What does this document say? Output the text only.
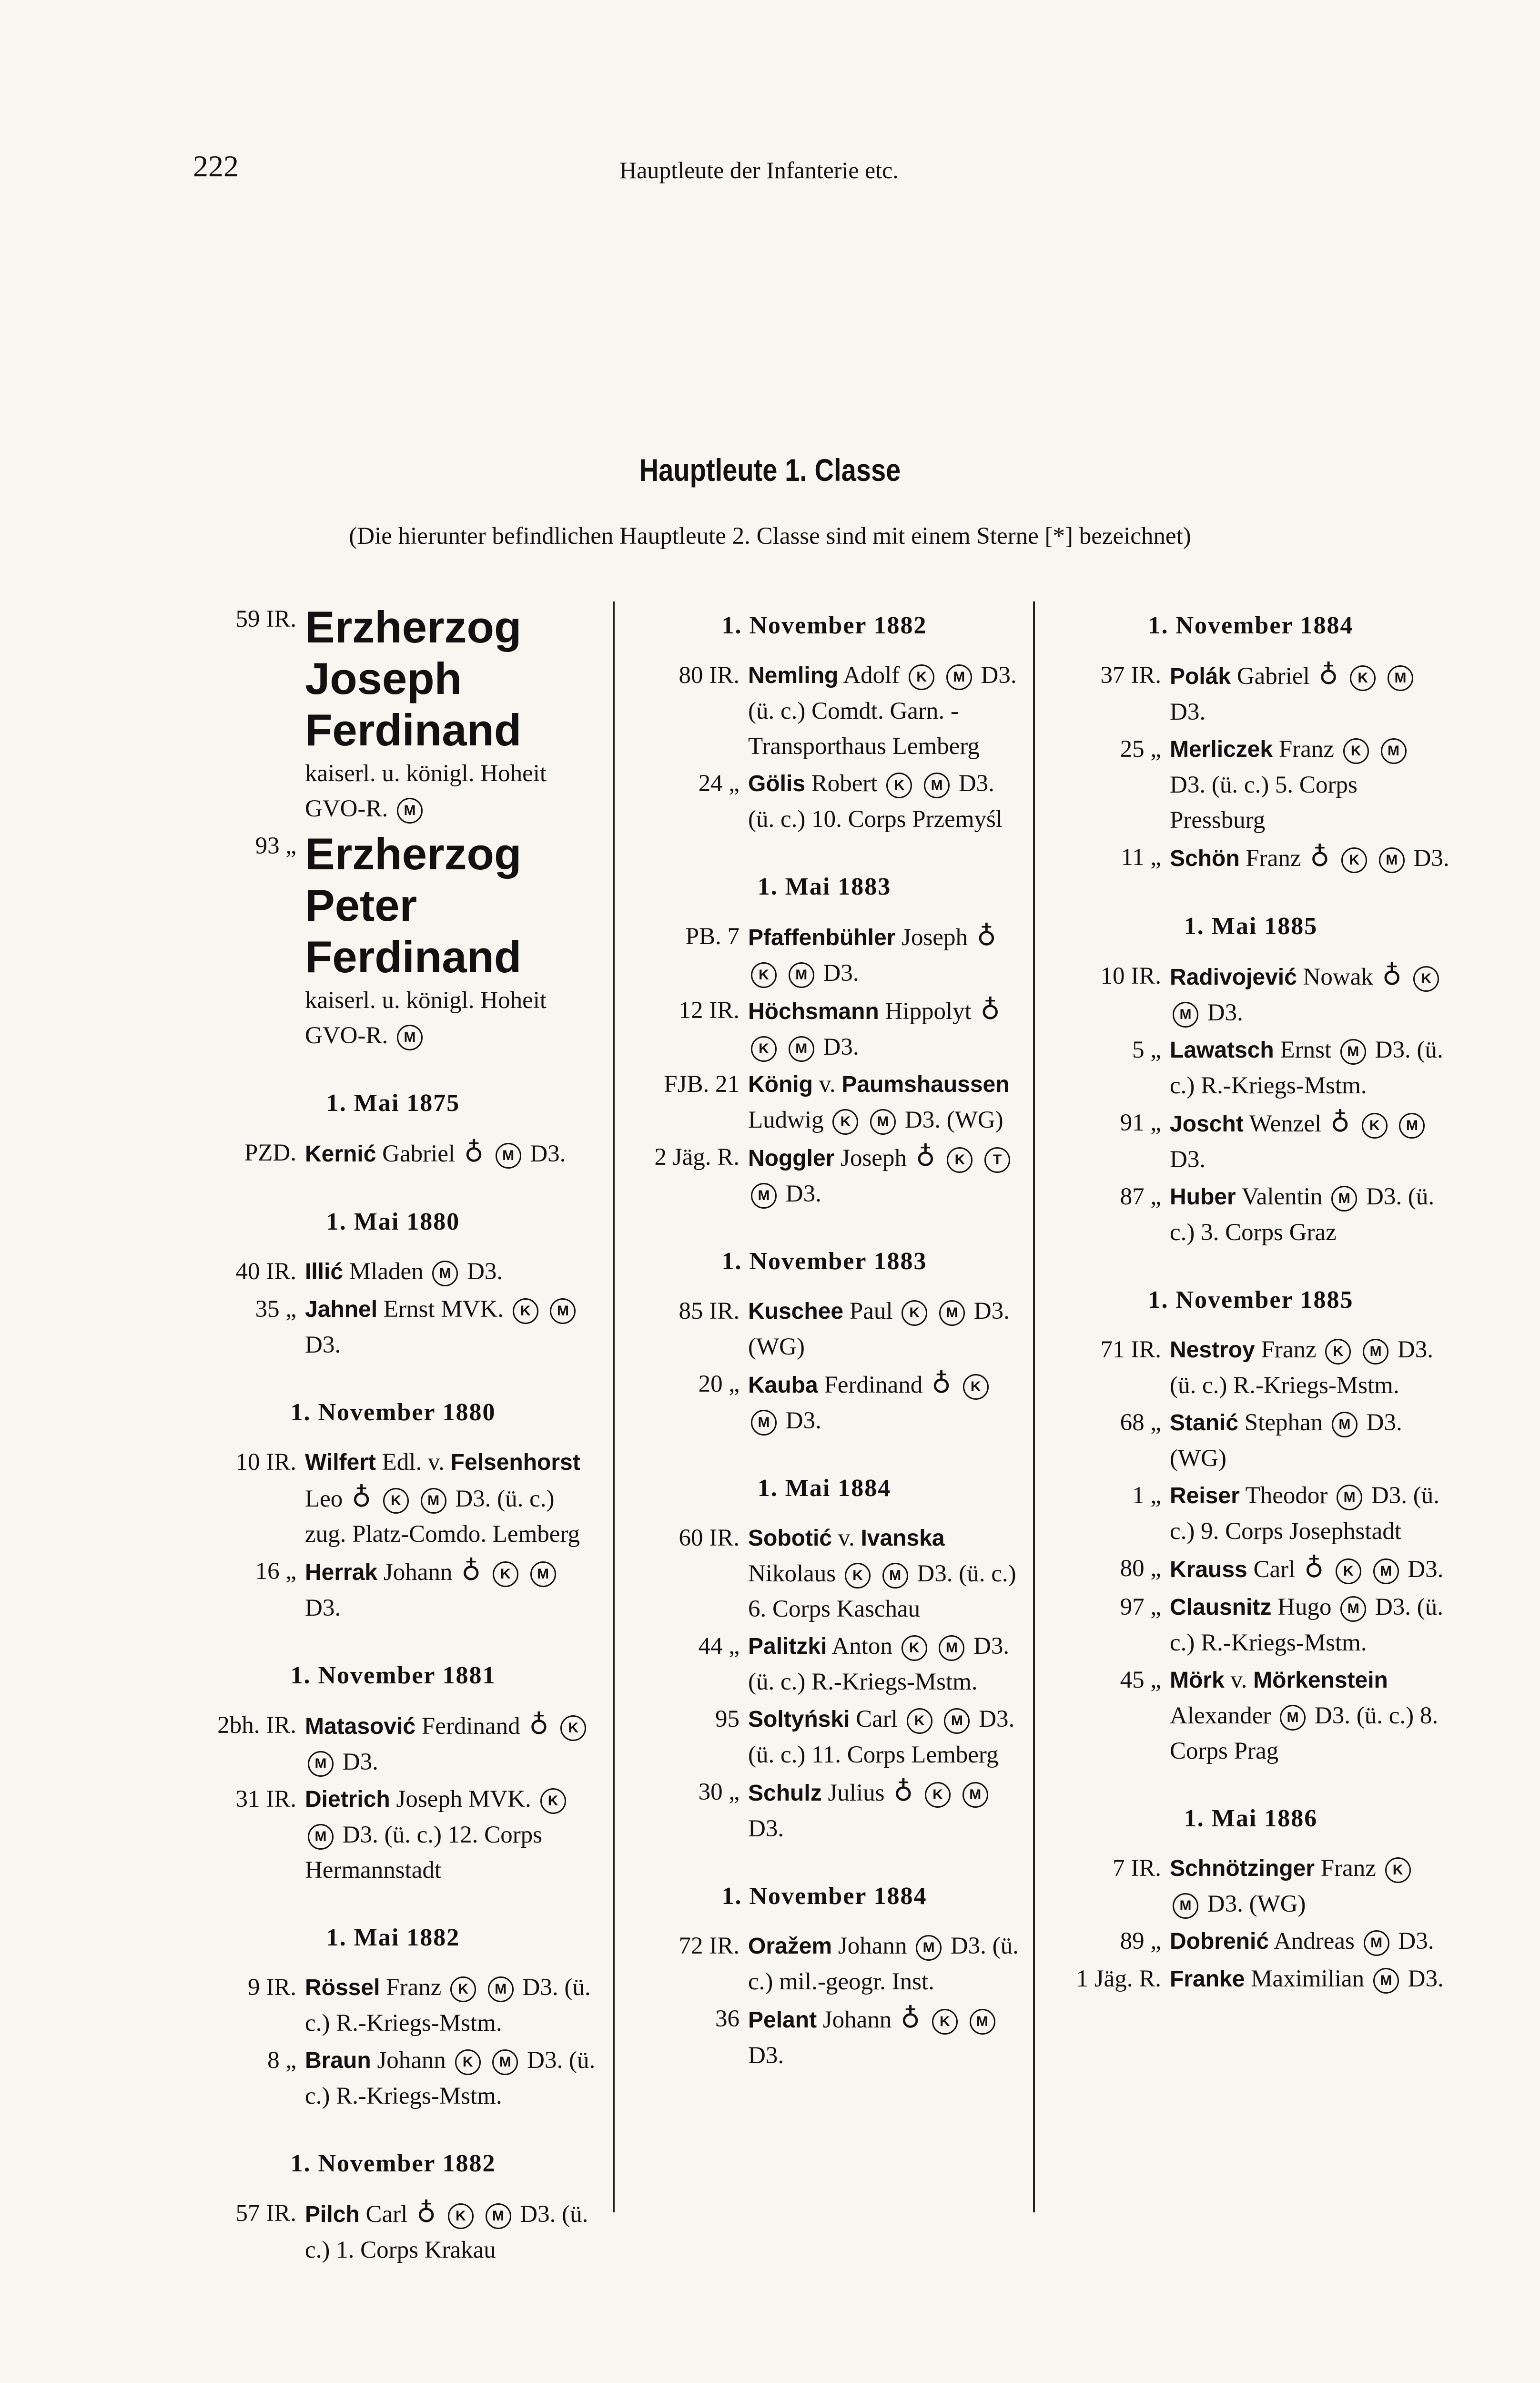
222	Hauptleute der Infanterie etc.
Hauptleute 1. Classe
(Die hierunter befindlichen Hauptleute 2. Classe sind mit einem Sterne [*] bezeichnet)
59 IR. Erzherzog Joseph Ferdinand
kaiserl. u. königl. Hoheit GVO-R. M
93 „ Erzherzog Peter Ferdinand
kaiserl. u. königl. Hoheit GVO-R. M
1. Mai 1875
PZD. Kernić Gabriel ♁ M D3.
1. Mai 1880
40 IR. Illić Mladen M D3.
35 „ Jahnel Ernst MVK. K M D3.
1. November 1880
10 IR. Wilfert Edl. v. Felsenhorst Leo ♁ K M D3. (ü. c.) zug. Platz-Comdo. Lemberg
16 „ Herrak Johann ♁ K M D3.
1. November 1881
2bh. IR. Matasović Ferdinand ♁ K M D3.
31 IR. Dietrich Joseph MVK. K M D3. (ü. c.) 12. Corps Hermannstadt
1. Mai 1882
9 IR. Rössel Franz K M D3. (ü. c.) R.-Kriegs-Mstm.
8 „ Braun Johann K M D3. (ü. c.) R.-Kriegs-Mstm.
1. November 1882
57 IR. Pilch Carl ♁ K M D3. (ü. c.) 1. Corps Krakau
1. November 1882
80 IR. Nemling Adolf K M D3. (ü. c.) Comdt. Garn. - Transporthaus Lemberg
24 „ Gölis Robert K M D3. (ü. c.) 10. Corps Przemyśl
1. Mai 1883
PB. 7 Pfaffenbühler Joseph ♁ K M D3.
12 IR. Höchsmann Hippolyt ♁ K M D3.
FJB. 21 König v. Paumshaussen Ludwig K M D3. (WG)
2 Jäg. R. Noggler Joseph ♁ K T M D3.
1. November 1883
85 IR. Kuschee Paul K M D3. (WG)
20 „ Kauba Ferdinand ♁ K M D3.
1. Mai 1884
60 IR. Sobotić v. Ivanska Nikolaus K M D3. (ü. c.) 6. Corps Kaschau
44 „ Palitzki Anton K M D3. (ü. c.) R.-Kriegs-Mstm.
95 Soltyński Carl K M D3. (ü. c.) 11. Corps Lemberg
30 „ Schulz Julius ♁ K M D3.
1. November 1884
72 IR. Oražem Johann M D3. (ü. c.) mil.-geogr. Inst.
36 Pelant Johann ♁ K M D3.
1. November 1884
37 IR. Polák Gabriel ♁ K M D3.
25 „ Merliczek Franz K M D3. (ü. c.) 5. Corps Pressburg
11 „ Schön Franz ♁ K M D3.
1. Mai 1885
10 IR. Radivojević Nowak ♁ K M D3.
5 „ Lawatsch Ernst M D3. (ü. c.) R.-Kriegs-Mstm.
91 „ Joscht Wenzel ♁ K M D3.
87 „ Huber Valentin M D3. (ü. c.) 3. Corps Graz
1. November 1885
71 IR. Nestroy Franz K M D3. (ü. c.) R.-Kriegs-Mstm.
68 „ Stanić Stephan M D3. (WG)
1 „ Reiser Theodor M D3. (ü. c.) 9. Corps Josephstadt
80 „ Krauss Carl ♁ K M D3.
97 „ Clausnitz Hugo M D3. (ü. c.) R.-Kriegs-Mstm.
45 „ Mörk v. Mörkenstein Alexander M D3. (ü. c.) 8. Corps Prag
1. Mai 1886
7 IR. Schnötzinger Franz K M D3. (WG)
89 „ Dobrenić Andreas M D3.
1 Jäg. R. Franke Maximilian M D3.
